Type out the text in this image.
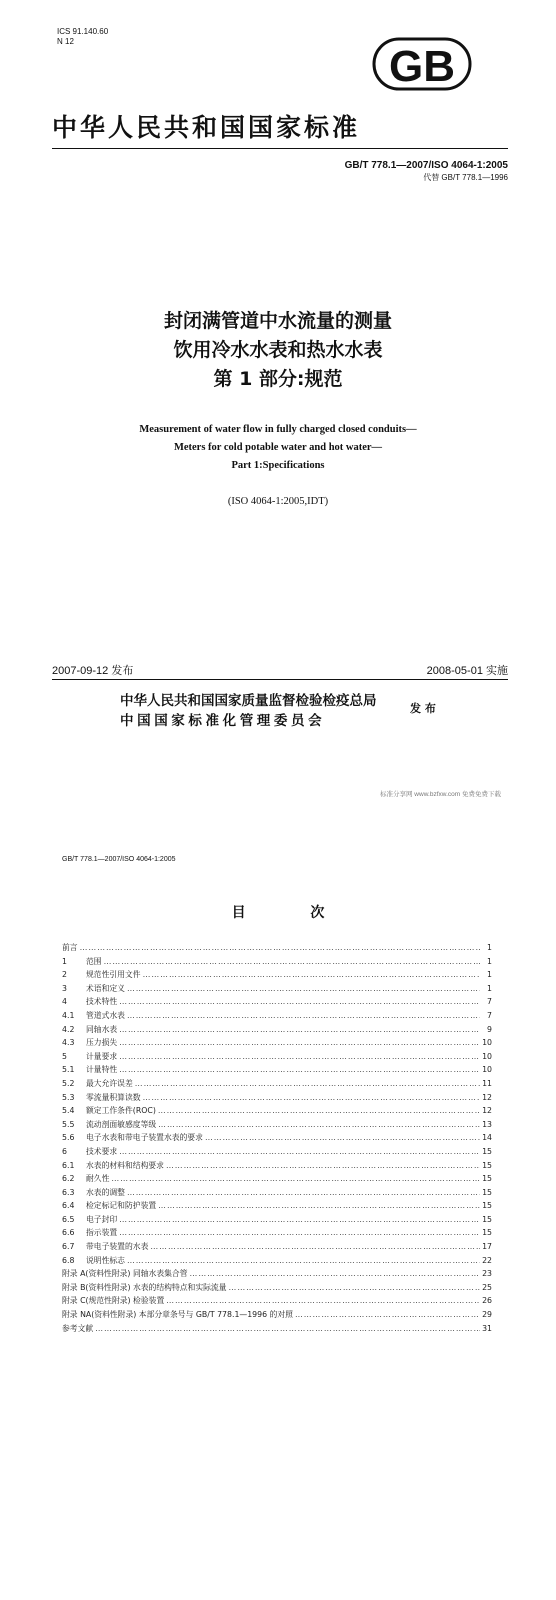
ICS 91.140.60
N 12
GB
中华人民共和国国家标准
GB/T 778.1—2007/ISO 4064-1:2005
代替 GB/T 778.1—1996
封闭满管道中水流量的测量
饮用冷水水表和热水水表
第 1 部分:规范
Measurement of water flow in fully charged closed conduits—
Meters for cold potable water and hot water—
Part 1:Specifications
(ISO 4064-1:2005,IDT)
2007-09-12 发布	2008-05-01 实施
中华人民共和国国家质量监督检验检疫总局
中国国家标准化管理委员会
发 布
标准分享网 www.bzfxw.com 免费免费下载
GB/T 778.1—2007/ISO 4064-1:2005
目 次
前言 ……………………………………………………………………………………………………………………………………	1
1	范围 ……………………………………………………………………………………………………………………………………	1
2	规范性引用文件 ……………………………………………………………………………………………………………………………………	1
3	术语和定义 ……………………………………………………………………………………………………………………………………	1
4	技术特性 ……………………………………………………………………………………………………………………………………	7
4.1	管道式水表 ……………………………………………………………………………………………………………………………………	7
4.2	同轴水表 ……………………………………………………………………………………………………………………………………	9
4.3	压力损失 ……………………………………………………………………………………………………………………………………	10
5	计量要求 ……………………………………………………………………………………………………………………………………	10
5.1	计量特性 ……………………………………………………………………………………………………………………………………	10
5.2	最大允许误差 ……………………………………………………………………………………………………………………………………	11
5.3	零流量积算读数 ……………………………………………………………………………………………………………………………………	12
5.4	额定工作条件(ROC) ……………………………………………………………………………………………………………………………………	12
5.5	流动剖面敏感度等级 ……………………………………………………………………………………………………………………………………	13
5.6	电子水表和带电子装置水表的要求 ……………………………………………………………………………………………………………………………………	14
6	技术要求 ……………………………………………………………………………………………………………………………………	15
6.1	水表的材料和结构要求 ……………………………………………………………………………………………………………………………………	15
6.2	耐久性 ……………………………………………………………………………………………………………………………………	15
6.3	水表的调整 ……………………………………………………………………………………………………………………………………	15
6.4	检定标记和防护装置 ……………………………………………………………………………………………………………………………………	15
6.5	电子封印 ……………………………………………………………………………………………………………………………………	15
6.6	指示装置 ……………………………………………………………………………………………………………………………………	15
6.7	带电子装置的水表 ……………………………………………………………………………………………………………………………………	17
6.8	说明性标志 ……………………………………………………………………………………………………………………………………	22
附录 A(资料性附录) 同轴水表集合管 ……………………………………………………………………………………………………………………………………	23
附录 B(资料性附录) 水表的结构特点和实际流量 ……………………………………………………………………………………………………………………………………	25
附录 C(规范性附录) 检验装置 ……………………………………………………………………………………………………………………………………	26
附录 NA(资料性附录) 本部分章条号与 GB/T 778.1—1996 的对照 ……………………………………………………………………………………………………………………………………	29
参考文献 ……………………………………………………………………………………………………………………………………	31
